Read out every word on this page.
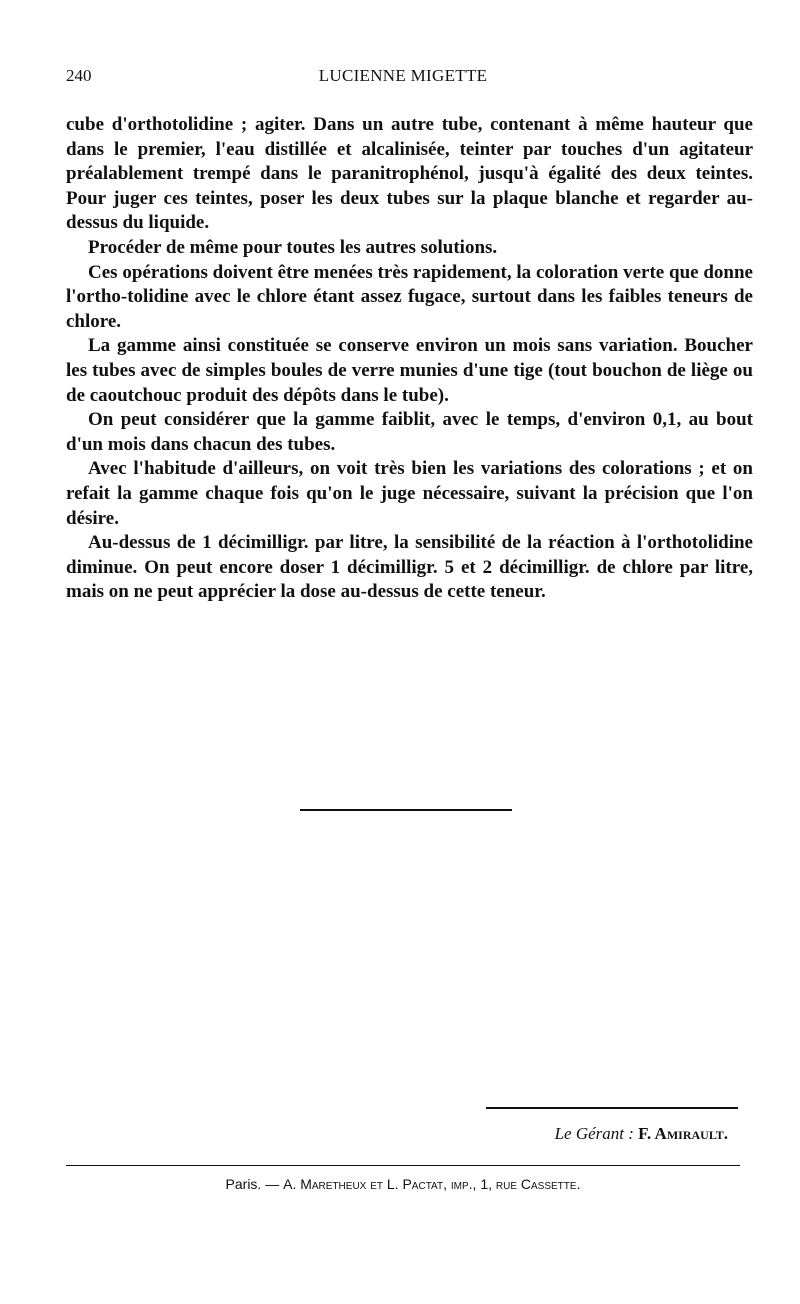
240	LUCIENNE MIGETTE

cube d'orthotolidine ; agiter. Dans un autre tube, contenant à même hauteur que dans le premier, l'eau distillée et alcalinisée, teinter par touches d'un agitateur préalablement trempé dans le paranitrophénol, jusqu'à égalité des deux teintes. Pour juger ces teintes, poser les deux tubes sur la plaque blanche et regarder au-dessus du liquide.

Procéder de même pour toutes les autres solutions.

Ces opérations doivent être menées très rapidement, la coloration verte que donne l'ortho-tolidine avec le chlore étant assez fugace, surtout dans les faibles teneurs de chlore.

La gamme ainsi constituée se conserve environ un mois sans variation. Boucher les tubes avec de simples boules de verre munies d'une tige (tout bouchon de liège ou de caoutchouc produit des dépôts dans le tube).

On peut considérer que la gamme faiblit, avec le temps, d'environ 0,1, au bout d'un mois dans chacun des tubes.

Avec l'habitude d'ailleurs, on voit très bien les variations des colorations ; et on refait la gamme chaque fois qu'on le juge nécessaire, suivant la précision que l'on désire.

Au-dessus de 1 décimilligr. par litre, la sensibilité de la réaction à l'orthotolidine diminue. On peut encore doser 1 décimilligr. 5 et 2 décimilligr. de chlore par litre, mais on ne peut apprécier la dose au-dessus de cette teneur.

Le Gérant : F. Amirault.
Paris. — A. Maretheux et L. Pactat, imp., 1, rue Cassette.
